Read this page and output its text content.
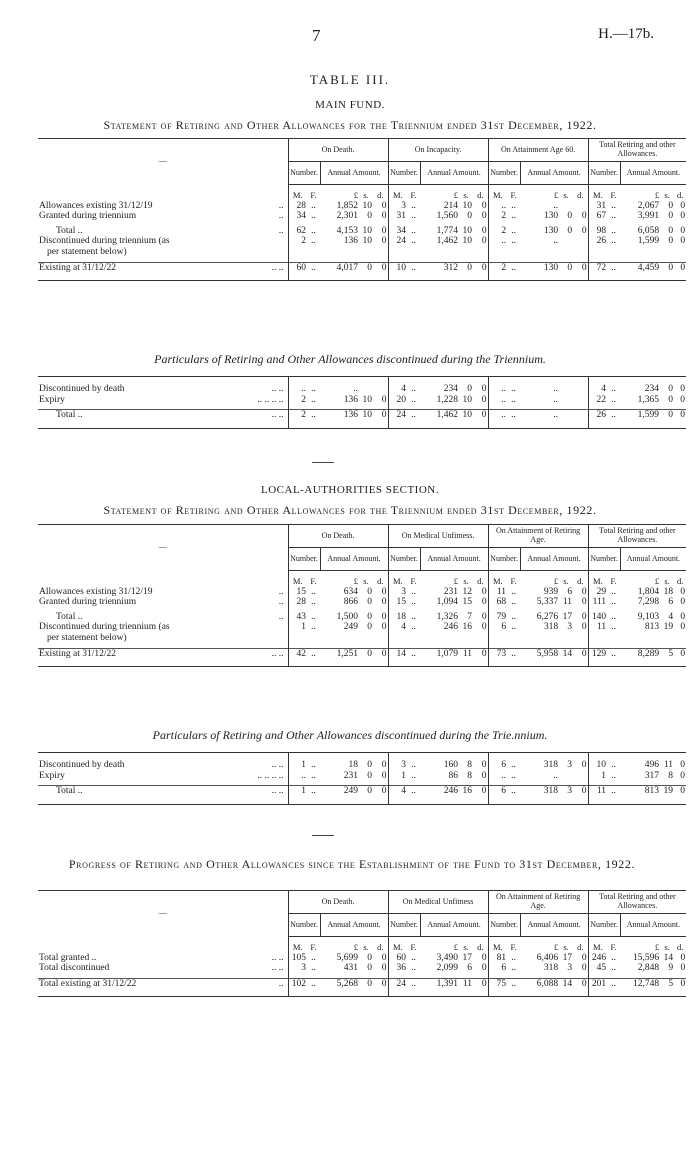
7	H.—17b.
TABLE III.
MAIN FUND.
Statement of Retiring and Other Allowances for the Triennium ended 31st December, 1922.
—	On Death.					On Incapacity.					On Attainment Age 60.					Total Retiring and other Allowances.				
	Number.		Annual Amount.			Number.		Annual Amount.			Number.		Annual Amount.			Number.		Annual Amount.		
	M.	F.	£	s.	d.	M.	F.	£	s.	d.	M.	F.	£	s.	d.	M.	F.	£	s.	d.
Allowances existing 31/12/19 ..	28	..	1,852	10	0	3	..	214	10	0	..	..	..			31	..	2,067	0	0
Granted during triennium ..	34	..	2,301	0	0	31	..	1,560	0	0	2	..	130	0	0	67	..	3,991	0	0

Total .. ..	62	..	4,153	10	0	34	..	1,774	10	0	2	..	130	0	0	98	..	6,058	0	0
Discontinued during triennium (as
per statement below)	2	..	136	10	0	24	..	1,462	10	0	..	..	..			26	..	1,599	0	0

Existing at 31/12/22 .. ..	60	..	4,017	0	0	10	..	312	0	0	2	..	130	0	0	72	..	4,459	0	0

Particulars of Retiring and Other Allowances discontinued during the Triennium.

Discontinued by death .. ..	..	..	..			4	..	234	0	0	..	..	..			4	..	234	0	0
Expiry .. .. .. ..	2	..	136	10	0	20	..	1,228	10	0	..	..	..			22	..	1,365	0	0

Total .. .. ..	2	..	136	10	0	24	..	1,462	10	0	..	..	..			26	..	1,599	0	0

LOCAL-AUTHORITIES SECTION.
Statement of Retiring and Other Allowances for the Triennium ended 31st December, 1922.
—	On Death.					On Medical Unfitness.					On Attainment of Retiring Age.					Total Retiring and other Allowances.				
	Number.		Annual Amount.			Number.		Annual Amount.			Number.		Annual Amount.			Number.		Annual Amount.		
	M.	F.	£	s.	d.	M.	F.	£	s.	d.	M.	F.	£	s.	d.	M.	F.	£	s.	d.
Allowances existing 31/12/19 ..	15	..	634	0	0	3	..	231	12	0	11	..	939	6	0	29	..	1,804	18	0
Granted during triennium ..	28	..	866	0	0	15	..	1,094	15	0	68	..	5,337	11	0	111	..	7,298	6	0

Total .. ..	43	..	1,500	0	0	18	..	1,326	7	0	79	..	6,276	17	0	140	..	9,103	4	0
Discontinued during triennium (as
per statement below)	1	..	249	0	0	4	..	246	16	0	6	..	318	3	0	11	..	813	19	0

Existing at 31/12/22 .. ..	42	..	1,251	0	0	14	..	1,079	11	0	73	..	5,958	14	0	129	..	8,289	5	0

Particulars of Retiring and Other Allowances discontinued during the Trie.nnium.

Discontinued by death .. ..	1	..	18	0	0	3	..	160	8	0	6	..	318	3	0	10	..	496	11	0
Expiry .. .. .. ..	..	..	231	0	0	1	..	86	8	0	..	..	..			1	..	317	8	0

Total .. .. ..	1	..	249	0	0	4	..	246	16	0	6	..	318	3	0	11	..	813	19	0

Progress of Retiring and Other Allowances since the Establishment of the Fund to 31st December, 1922.
—	On Death.					On Medical Unfitness					On Attainment of Retiring Age.					Total Retiring and other Allowances.				
	Number.		Annual Amount.			Number.		Annual Amount.			Number.		Annual Amount.			Number.		Annual Amount.		
	M.	F.	£	s.	d.	M.	F.	£	s.	d.	M.	F.	£	s.	d.	M.	F.	£	s.	d.
Total granted .. .. ..	105	..	5,699	0	0	60	..	3,490	17	0	81	..	6,406	17	0	246	..	15,596	14	0
Total discontinued .. ..	3	..	431	0	0	36	..	2,099	6	0	6	..	318	3	0	45	..	2,848	9	0

Total existing at 31/12/22 ..	102	..	5,268	0	0	24	..	1,391	11	0	75	..	6,088	14	0	201	..	12,748	5	0
